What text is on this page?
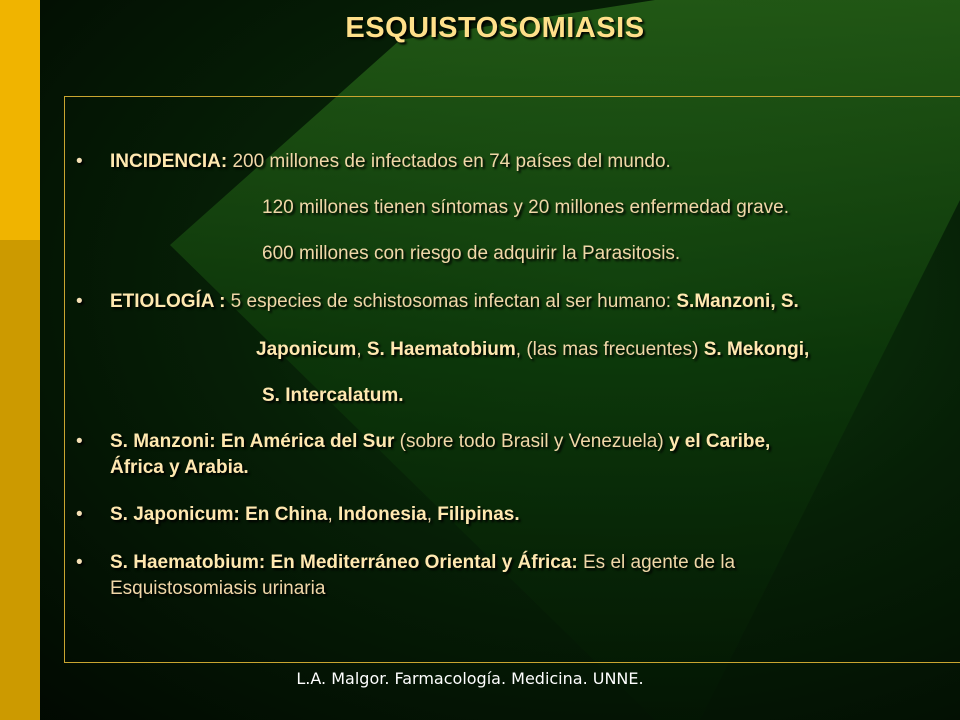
ESQUISTOSOMIASIS
• INCIDENCIA: 200 millones de infectados en 74 países del mundo.
120 millones tienen síntomas y 20 millones enfermedad grave.
600 millones con riesgo de adquirir la Parasitosis.
• ETIOLOGÍA : 5 especies de schistosomas infectan al ser humano: S.Manzoni, S.
Japonicum, S. Haematobium, (las mas frecuentes) S. Mekongi,
S. Intercalatum.
• S. Manzoni: En América del Sur (sobre todo Brasil y Venezuela) y el Caribe,
África y Arabia.
• S. Japonicum: En China, Indonesia, Filipinas.
• S. Haematobium: En Mediterráneo Oriental y África: Es el agente de la
Esquistosomiasis urinaria
L.A. Malgor. Farmacología. Medicina. UNNE.
